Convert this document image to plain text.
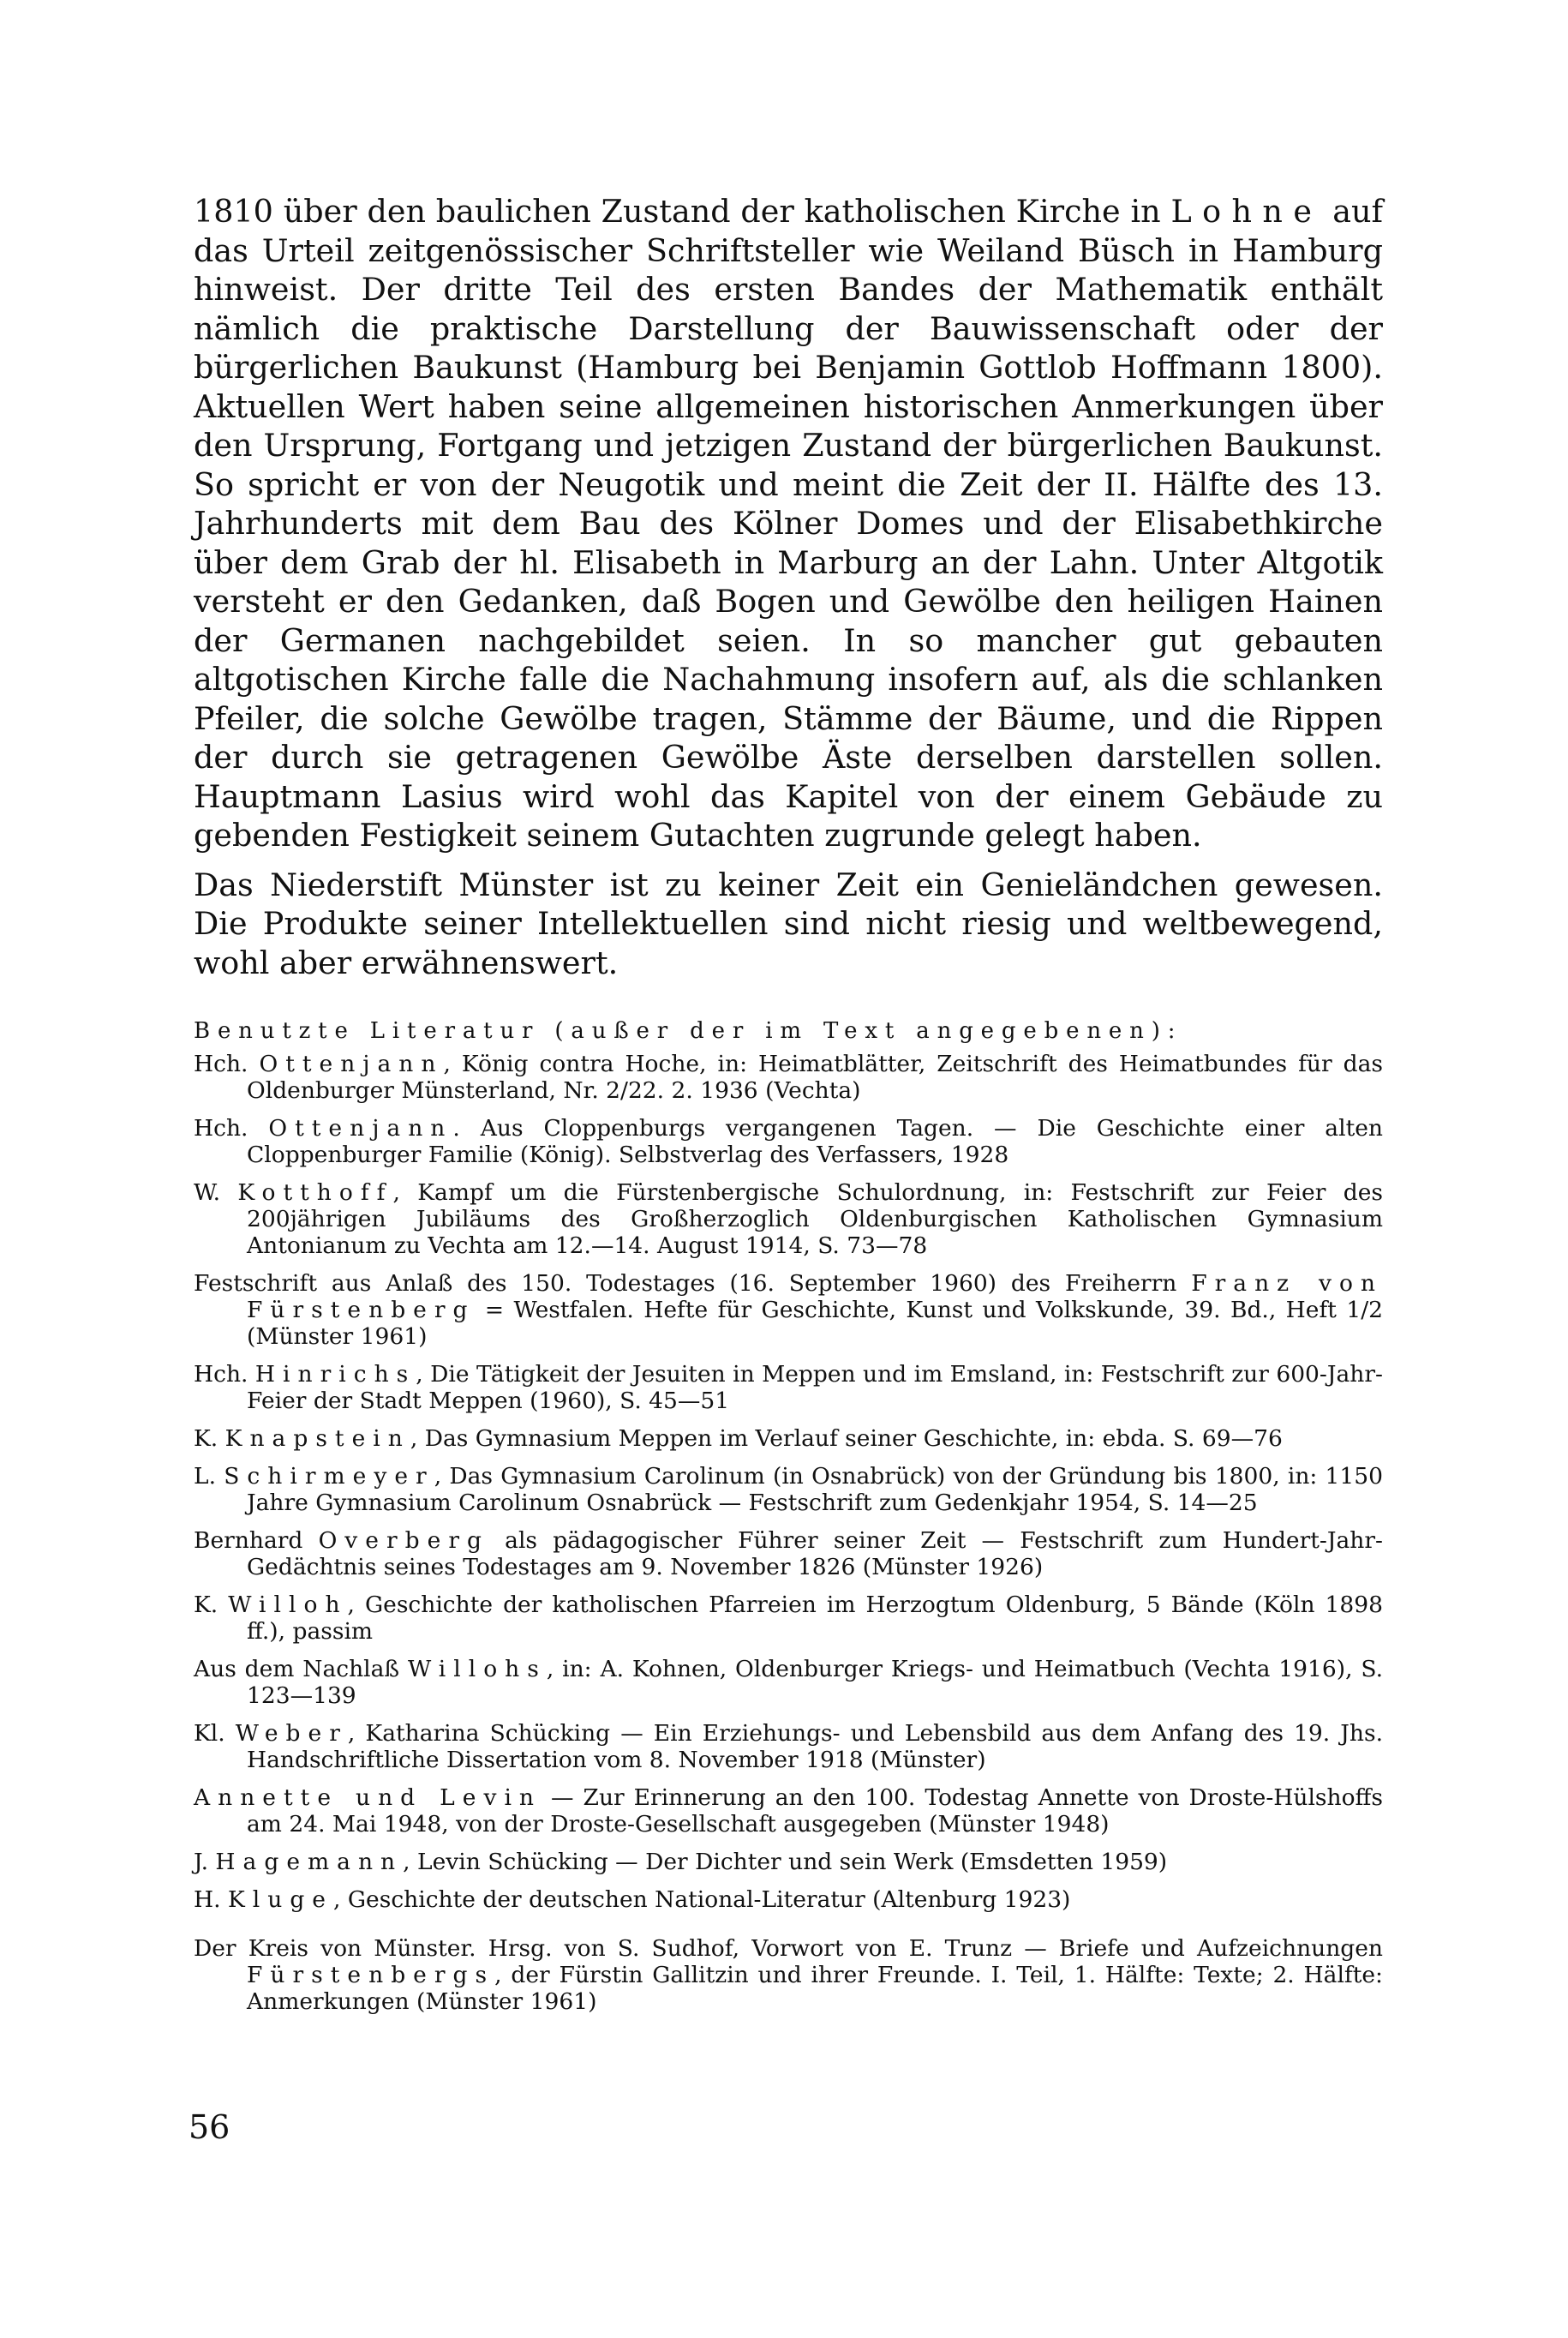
1810 über den baulichen Zustand der katholischen Kirche in Lohne auf das Urteil zeitgenössischer Schriftsteller wie Weiland Büsch in Hamburg hinweist. Der dritte Teil des ersten Bandes der Mathematik enthält nämlich die praktische Darstellung der Bauwissenschaft oder der bürgerlichen Baukunst (Hamburg bei Benjamin Gottlob Hoffmann 1800). Aktuellen Wert haben seine allgemeinen historischen Anmerkungen über den Ursprung, Fortgang und jetzigen Zustand der bürgerlichen Baukunst. So spricht er von der Neugotik und meint die Zeit der II. Hälfte des 13. Jahrhunderts mit dem Bau des Kölner Domes und der Elisabethkirche über dem Grab der hl. Elisabeth in Marburg an der Lahn. Unter Altgotik versteht er den Gedanken, daß Bogen und Gewölbe den heiligen Hainen der Germanen nachgebildet seien. In so mancher gut gebauten altgotischen Kirche falle die Nachahmung insofern auf, als die schlanken Pfeiler, die solche Gewölbe tragen, Stämme der Bäume, und die Rippen der durch sie getragenen Gewölbe Äste derselben darstellen sollen. Hauptmann Lasius wird wohl das Kapitel von der einem Gebäude zu gebenden Festigkeit seinem Gutachten zugrunde gelegt haben.

Das Niederstift Münster ist zu keiner Zeit ein Genieländchen gewesen. Die Produkte seiner Intellektuellen sind nicht riesig und weltbewegend, wohl aber erwähnenswert.

Benutzte Literatur (außer der im Text angegebenen):
Hch. Ottenjann, König contra Hoche, in: Heimatblätter, Zeitschrift des Heimatbundes für das Oldenburger Münsterland, Nr. 2/22. 2. 1936 (Vechta)
Hch. Ottenjann. Aus Cloppenburgs vergangenen Tagen. — Die Geschichte einer alten Cloppenburger Familie (König). Selbstverlag des Verfassers, 1928
W. Kotthoff, Kampf um die Fürstenbergische Schulordnung, in: Festschrift zur Feier des 200jährigen Jubiläums des Großherzoglich Oldenburgischen Katholischen Gymnasium Antonianum zu Vechta am 12.—14. August 1914, S. 73—78
Festschrift aus Anlaß des 150. Todestages (16. September 1960) des Freiherrn Franz von Fürstenberg = Westfalen. Hefte für Geschichte, Kunst und Volkskunde, 39. Bd., Heft 1/2 (Münster 1961)
Hch. Hinrichs, Die Tätigkeit der Jesuiten in Meppen und im Emsland, in: Festschrift zur 600-Jahr-Feier der Stadt Meppen (1960), S. 45—51
K. Knapstein, Das Gymnasium Meppen im Verlauf seiner Geschichte, in: ebda. S. 69—76
L. Schirmeyer, Das Gymnasium Carolinum (in Osnabrück) von der Gründung bis 1800, in: 1150 Jahre Gymnasium Carolinum Osnabrück — Festschrift zum Gedenkjahr 1954, S. 14—25
Bernhard Overberg als pädagogischer Führer seiner Zeit — Festschrift zum Hundert-Jahr-Gedächtnis seines Todestages am 9. November 1826 (Münster 1926)
K. Willoh, Geschichte der katholischen Pfarreien im Herzogtum Oldenburg, 5 Bände (Köln 1898 ff.), passim
Aus dem Nachlaß Willohs, in: A. Kohnen, Oldenburger Kriegs- und Heimatbuch (Vechta 1916), S. 123—139
Kl. Weber, Katharina Schücking — Ein Erziehungs- und Lebensbild aus dem Anfang des 19. Jhs. Handschriftliche Dissertation vom 8. November 1918 (Münster)
Annette und Levin — Zur Erinnerung an den 100. Todestag Annette von Droste-Hülshoffs am 24. Mai 1948, von der Droste-Gesellschaft ausgegeben (Münster 1948)
J. Hagemann, Levin Schücking — Der Dichter und sein Werk (Emsdetten 1959)
H. Kluge, Geschichte der deutschen National-Literatur (Altenburg 1923)
Der Kreis von Münster. Hrsg. von S. Sudhof, Vorwort von E. Trunz — Briefe und Aufzeichnungen Fürstenbergs, der Fürstin Gallitzin und ihrer Freunde. I. Teil, 1. Hälfte: Texte; 2. Hälfte: Anmerkungen (Münster 1961)
56
